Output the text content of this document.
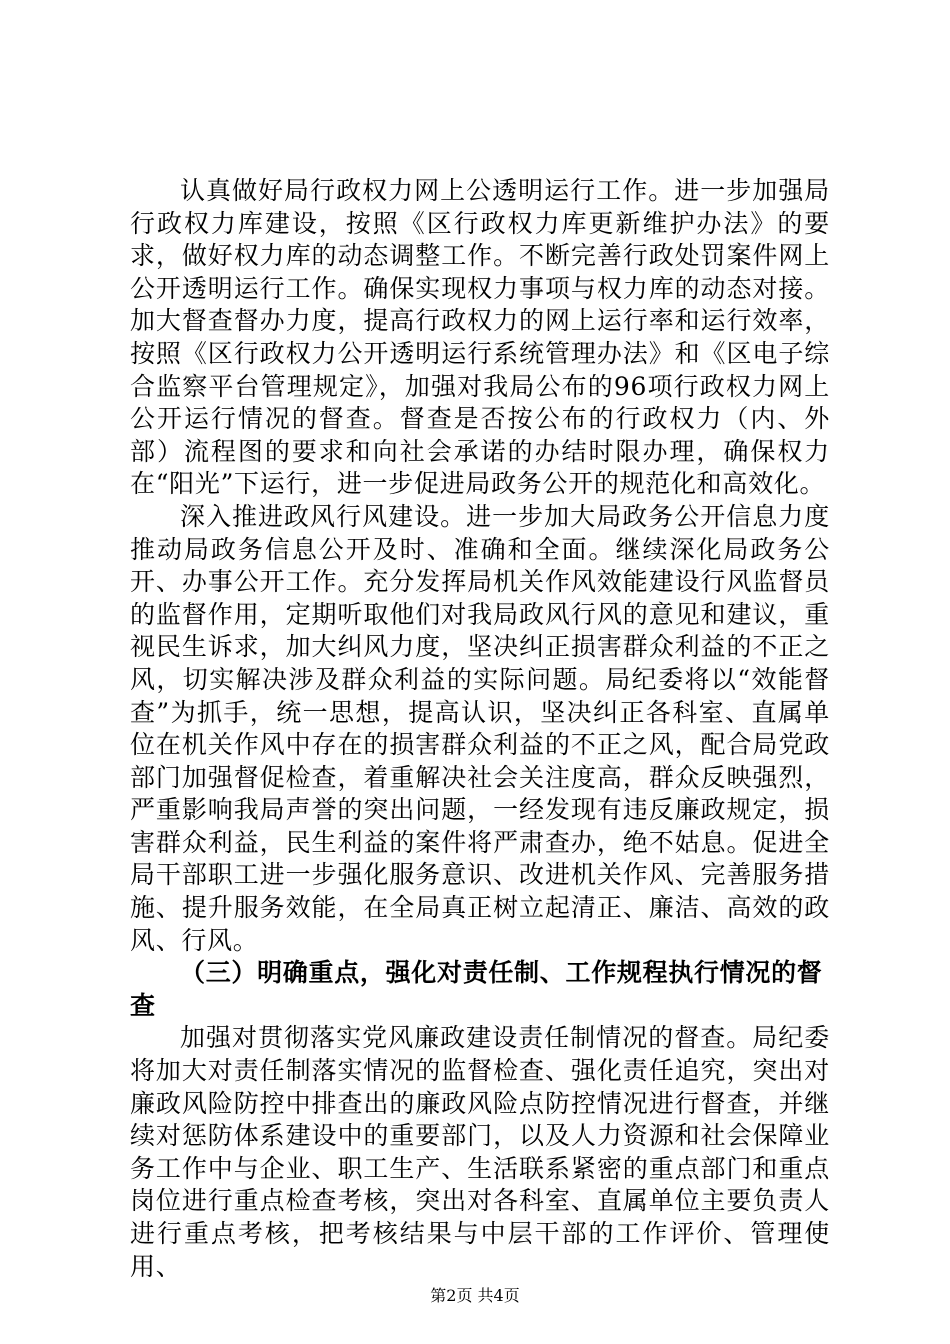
认真做好局行政权力网上公透明运行工作。进一步加强局行政权力库建设，按照《区行政权力库更新维护办法》的要求，做好权力库的动态调整工作。不断完善行政处罚案件网上公开透明运行工作。确保实现权力事项与权力库的动态对接。加大督查督办力度，提高行政权力的网上运行率和运行效率，按照《区行政权力公开透明运行系统管理办法》和《区电子综合监察平台管理规定》，加强对我局公布的96项行政权力网上公开运行情况的督查。督查是否按公布的行政权力（内、外部）流程图的要求和向社会承诺的办结时限办理，确保权力在“阳光”下运行，进一步促进局政务公开的规范化和高效化。

深入推进政风行风建设。进一步加大局政务公开信息力度推动局政务信息公开及时、准确和全面。继续深化局政务公开、办事公开工作。充分发挥局机关作风效能建设行风监督员的监督作用，定期听取他们对我局政风行风的意见和建议，重视民生诉求，加大纠风力度，坚决纠正损害群众利益的不正之风，切实解决涉及群众利益的实际问题。局纪委将以“效能督查”为抓手，统一思想，提高认识，坚决纠正各科室、直属单位在机关作风中存在的损害群众利益的不正之风，配合局党政部门加强督促检查，着重解决社会关注度高，群众反映强烈，严重影响我局声誉的突出问题，一经发现有违反廉政规定，损害群众利益，民生利益的案件将严肃查办，绝不姑息。促进全局干部职工进一步强化服务意识、改进机关作风、完善服务措施、提升服务效能，在全局真正树立起清正、廉洁、高效的政风、行风。

（三）明确重点，强化对责任制、工作规程执行情况的督查

加强对贯彻落实党风廉政建设责任制情况的督查。局纪委将加大对责任制落实情况的监督检查、强化责任追究，突出对廉政风险防控中排查出的廉政风险点防控情况进行督查，并继续对惩防体系建设中的重要部门，以及人力资源和社会保障业务工作中与企业、职工生产、生活联系紧密的重点部门和重点岗位进行重点检查考核，突出对各科室、直属单位主要负责人进行重点考核，把考核结果与中层干部的工作评价、管理使用、

第2页 共4页
